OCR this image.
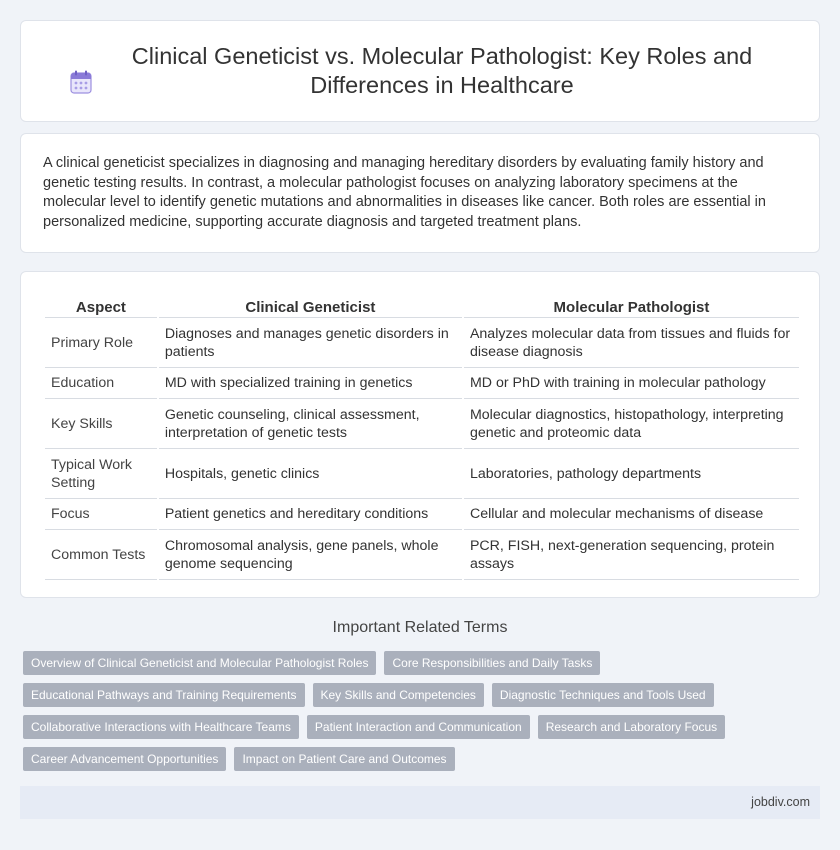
Clinical Geneticist vs. Molecular Pathologist: Key Roles and Differences in Healthcare

A clinical geneticist specializes in diagnosing and managing hereditary disorders by evaluating family history and genetic testing results. In contrast, a molecular pathologist focuses on analyzing laboratory specimens at the molecular level to identify genetic mutations and abnormalities in diseases like cancer. Both roles are essential in personalized medicine, supporting accurate diagnosis and targeted treatment plans.

Aspect	Clinical Geneticist	Molecular Pathologist
Primary Role	Diagnoses and manages genetic disorders in patients	Analyzes molecular data from tissues and fluids for disease diagnosis
Education	MD with specialized training in genetics	MD or PhD with training in molecular pathology
Key Skills	Genetic counseling, clinical assessment, interpretation of genetic tests	Molecular diagnostics, histopathology, interpreting genetic and proteomic data
Typical Work Setting	Hospitals, genetic clinics	Laboratories, pathology departments
Focus	Patient genetics and hereditary conditions	Cellular and molecular mechanisms of disease
Common Tests	Chromosomal analysis, gene panels, whole genome sequencing	PCR, FISH, next-generation sequencing, protein assays
Important Related Terms
Overview of Clinical Geneticist and Molecular Pathologist Roles	Core Responsibilities and Daily Tasks
Educational Pathways and Training Requirements	Key Skills and Competencies	Diagnostic Techniques and Tools Used
Collaborative Interactions with Healthcare Teams	Patient Interaction and Communication	Research and Laboratory Focus
Career Advancement Opportunities	Impact on Patient Care and Outcomes
jobdiv.com
